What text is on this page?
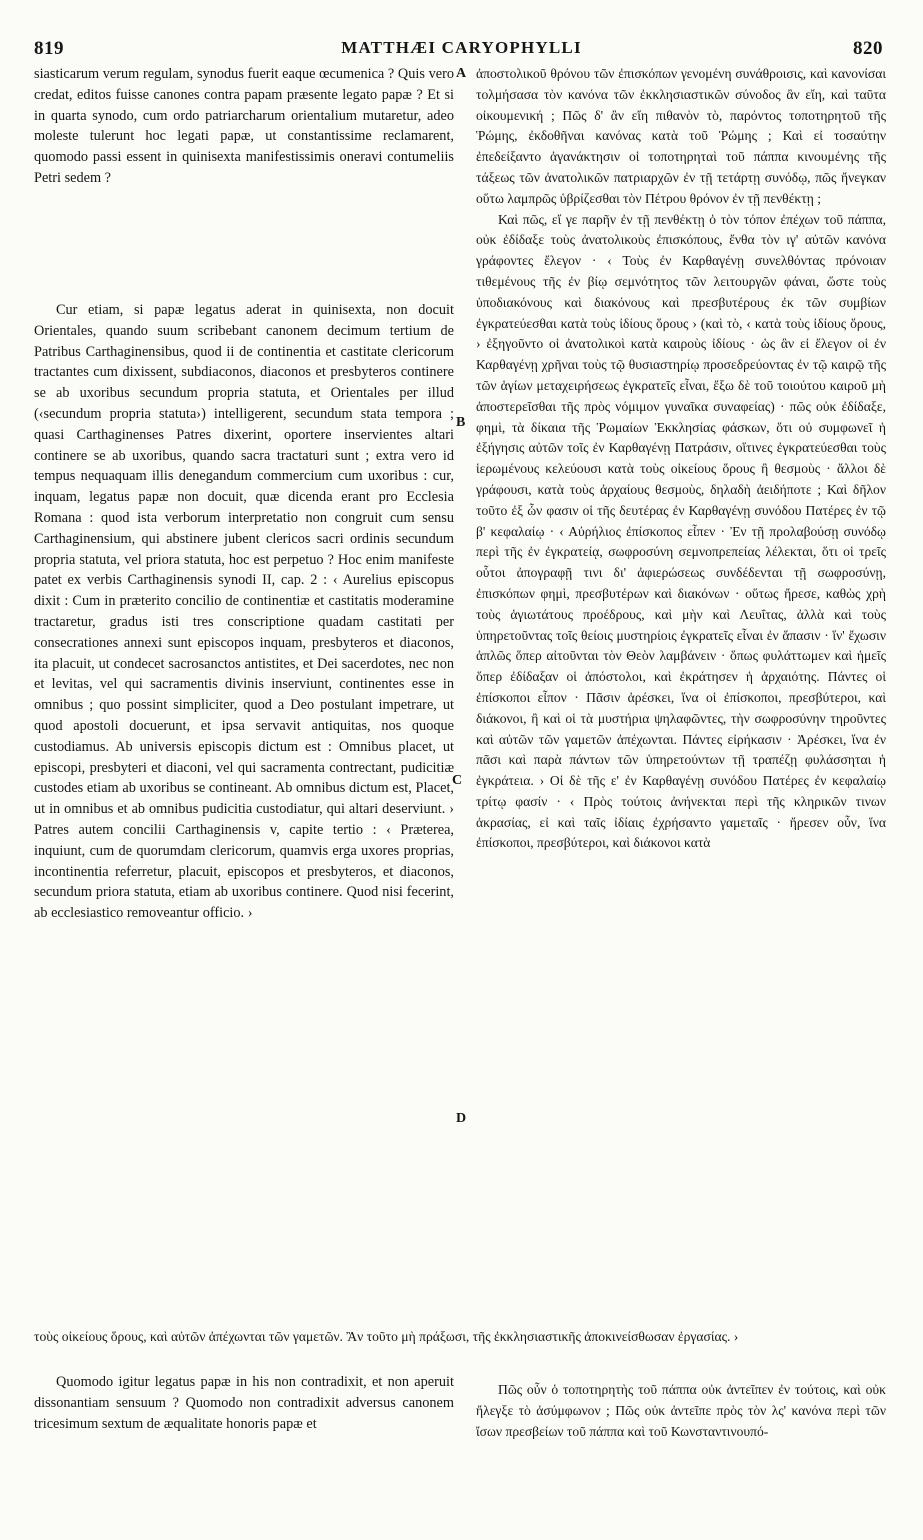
819	MATTHÆI CARYOPHYLLI	820

siasticarum verum regulam, synodus fuerit eaque œcumenica ? Quis vero credat, editos fuisse canones contra papam præsente legato papæ ? Et si in quarta synodo, cum ordo patriarcharum orientalium mutaretur, adeo moleste tulerunt hoc legati papæ, ut constantissime reclamarent, quomodo passi essent in quinisexta manifestissimis oneravi contumeliis Petri sedem ?

Cur etiam, si papæ legatus aderat in quinisexta, non docuit Orientales, quando suum scribebant canonem decimum tertium de Patribus Carthaginensibus, quod ii de continentia et castitate clericorum tractantes cum dixissent, subdiaconos, diaconos et presbyteros continere se ab uxoribus secundum propria statuta, et Orientales per illud (‹secundum propria statuta›) intelligerent, secundum stata tempora ; quasi Carthaginenses Patres dixerint, oportere inservientes altari continere se ab uxoribus, quando sacra tractaturi sunt ; extra vero id tempus nequaquam illis denegandum commercium cum uxoribus : cur, inquam, legatus papæ non docuit, quæ dicenda erant pro Ecclesia Romana : quod ista verborum interpretatio non congruit cum sensu Carthaginensium, qui abstinere jubent clericos sacri ordinis secundum propria statuta, vel priora statuta, hoc est perpetuo ? Hoc enim manifeste patet ex verbis Carthaginensis synodi II, cap. 2 : ‹ Aurelius episcopus dixit : Cum in præterito concilio de continentiæ et castitatis moderamine tractaretur, gradus isti tres conscriptione quadam castitati per consecrationes annexi sunt episcopos inquam, presbyteros et diaconos, ita placuit, ut condecet sacrosanctos antistites, et Dei sacerdotes, nec non et levitas, vel qui sacramentis divinis inserviunt, continentes esse in omnibus ; quo possint simpliciter, quod a Deo postulant impetrare, ut quod apostoli docuerunt, et ipsa servavit antiquitas, nos quoque custodiamus. Ab universis episcopis dictum est : Omnibus placet, ut episcopi, presbyteri et diaconi, vel qui sacramenta contrectant, pudicitiæ custodes etiam ab uxoribus se contineant. Ab omnibus dictum est, Placet, ut in omnibus et ab omnibus pudicitia custodiatur, qui altari deserviunt. › Patres autem concilii Carthaginensis v, capite tertio : ‹ Præterea, inquiunt, cum de quorumdam clericorum, quamvis erga uxores proprias, incontinentia referretur, placuit, episcopos et presbyteros, et diaconos, secundum priora statuta, etiam ab uxoribus continere. Quod nisi fecerint, ab ecclesiastico removeantur officio. ›

ἀποστολικοῦ θρόνου τῶν ἐπισκόπων γενομένη συνάθροισις, καὶ κανονίσαι τολμήσασα τὸν κανόνα τῶν ἐκκλησιαστικῶν σύνοδος ἂν εἴη, καὶ ταῦτα οἰκουμενική ; Πῶς δ' ἂν εἴη πιθανὸν τὸ, παρόντος τοποτηρητοῦ τῆς Ῥώμης, ἐκδοθῆναι κανόνας κατὰ τοῦ Ῥώμης ; Καὶ εἰ τοσαύτην ἐπεδείξαντο ἀγανάκτησιν οἱ τοποτηρηταὶ τοῦ πάππα κινουμένης τῆς τάξεως τῶν ἀνατολικῶν πατριαρχῶν ἐν τῇ τετάρτῃ συνόδῳ, πῶς ἤνεγκαν οὕτω λαμπρῶς ὑβρίζεσθαι τὸν Πέτρου θρόνον ἐν τῇ πενθέκτῃ ;

Καὶ πῶς, εἴ γε παρῆν ἐν τῇ πενθέκτῃ ὁ τὸν τόπον ἐπέχων τοῦ πάππα, οὐκ ἐδίδαξε τοὺς ἀνατολικοὺς ἐπισκόπους, ἔνθα τὸν ιγ' αὐτῶν κανόνα γράφοντες ἔλεγον · ‹ Τοὺς ἐν Καρθαγένῃ συνελθόντας πρόνοιαν τιθεμένους τῆς ἐν βίῳ σεμνότητος τῶν λειτουργῶν φάναι, ὥστε τοὺς ὑποδιακόνους καὶ διακόνους καὶ πρεσβυτέρους ἐκ τῶν συμβίων ἐγκρατεύεσθαι κατὰ τοὺς ἰδίους ὅρους › (καὶ τὸ, ‹ κατὰ τοὺς ἰδίους ὅρους, › ἐξηγοῦντο οἱ ἀνατολικοὶ κατὰ καιροὺς ἰδίους · ὡς ἂν εἰ ἔλεγον οἱ ἐν Καρθαγένῃ χρῆναι τοὺς τῷ θυσιαστηρίῳ προσεδρεύοντας ἐν τῷ καιρῷ τῆς τῶν ἁγίων μεταχειρήσεως ἐγκρατεῖς εἶναι, ἔξω δὲ τοῦ τοιούτου καιροῦ μὴ ἀποστερεῖσθαι τῆς πρὸς νόμιμον γυναῖκα συναφείας) · πῶς οὐκ ἐδίδαξε, φημὶ, τὰ δίκαια τῆς Ῥωμαίων Ἐκκλησίας φάσκων, ὅτι οὐ συμφωνεῖ ἡ ἐξήγησις αὐτῶν τοῖς ἐν Καρθαγένῃ Πατράσιν, οἵτινες ἐγκρατεύεσθαι τοὺς ἱερωμένους κελεύουσι κατὰ τοὺς οἰκείους ὅρους ἢ θεσμοὺς · ἄλλοι δὲ γράφουσι, κατὰ τοὺς ἀρχαίους θεσμοὺς, δηλαδὴ ἀειδήποτε ; Καὶ δῆλον τοῦτο ἐξ ὧν φασιν οἱ τῆς δευτέρας ἐν Καρθαγένῃ συνόδου Πατέρες ἐν τῷ β' κεφαλαίῳ · ‹ Αὐρήλιος ἐπίσκοπος εἶπεν · Ἐν τῇ προλαβούσῃ συνόδῳ περὶ τῆς ἐν ἐγκρατείᾳ, σωφροσύνη σεμνοπρεπείας λέλεκται, ὅτι οἱ τρεῖς οὗτοι ἀπογραφῇ τινι δι' ἀφιερώσεως συνδέδενται τῇ σωφροσύνῃ, ἐπισκόπων φημὶ, πρεσβυτέρων καὶ διακόνων · οὕτως ἤρεσε, καθὼς χρὴ τοὺς ἁγιωτάτους προέδρους, καὶ μὴν καὶ Λευΐτας, ἀλλὰ καὶ τοὺς ὑπηρετοῦντας τοῖς θείοις μυστηρίοις ἐγκρατεῖς εἶναι ἐν ἅπασιν · ἵν' ἔχωσιν ἁπλῶς ὅπερ αἰτοῦνται τὸν Θεὸν λαμβάνειν · ὅπως φυλάττωμεν καὶ ἡμεῖς ὅπερ ἐδίδαξαν οἱ ἀπόστολοι, καὶ ἐκράτησεν ἡ ἀρχαιότης. Πάντες οἱ ἐπίσκοποι εἶπον · Πᾶσιν ἀρέσκει, ἵνα οἱ ἐπίσκοποι, πρεσβύτεροι, καὶ διάκονοι, ἢ καὶ οἱ τὰ μυστήρια ψηλαφῶντες, τὴν σωφροσύνην τηροῦντες καὶ αὐτῶν τῶν γαμετῶν ἀπέχωνται. Πάντες εἰρήκασιν · Ἀρέσκει, ἵνα ἐν πᾶσι καὶ παρὰ πάντων τῶν ὑπηρετούντων τῇ τραπέζῃ φυλάσσηται ἡ ἐγκράτεια. › Οἱ δὲ τῆς ε' ἐν Καρθαγένῃ συνόδου Πατέρες ἐν κεφαλαίῳ τρίτῳ φασίν · ‹ Πρὸς τούτοις ἀνήνεκται περὶ τῆς κληρικῶν τινων ἀκρασίας, εἰ καὶ ταῖς ἰδίαις ἐχρήσαντο γαμεταῖς · ἤρεσεν οὖν, ἵνα ἐπίσκοποι, πρεσβύτεροι, καὶ διάκονοι κατὰ

A
B
C
D
τοὺς οἰκείους ὅρους, καὶ αὐτῶν ἀπέχωνται τῶν γαμετῶν. Ἂν τοῦτο μὴ πράξωσι, τῆς ἐκκλησιαστικῆς ἀποκινείσθωσαν ἐργασίας. ›

Quomodo igitur legatus papæ in his non contradixit, et non aperuit dissonantiam sensuum ? Quomodo non contradixit adversus canonem tricesimum sextum de æqualitate honoris papæ et

Πῶς οὖν ὁ τοποτηρητὴς τοῦ πάππα οὐκ ἀντεῖπεν ἐν τούτοις, καὶ οὐκ ἤλεγξε τὸ ἀσύμφωνον ; Πῶς οὐκ ἀντεῖπε πρὸς τὸν λς' κανόνα περὶ τῶν ἴσων πρεσβείων τοῦ πάππα καὶ τοῦ Κωνσταντινουπό-
